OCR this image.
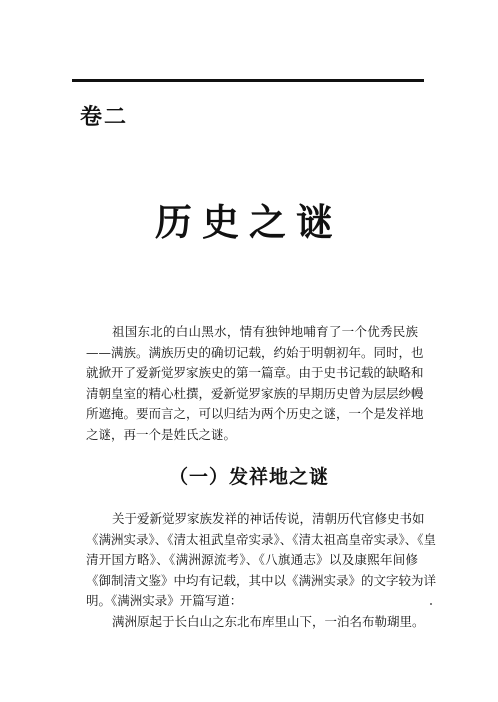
卷二
历史之谜
祖国东北的白山黑水，情有独钟地哺育了一个优秀民族
——满族。满族历史的确切记载，约始于明朝初年。同时，也
就掀开了爱新觉罗家族史的第一篇章。由于史书记载的缺略和
清朝皇室的精心杜撰，爱新觉罗家族的早期历史曾为层层纱幔
所遮掩。要而言之，可以归结为两个历史之谜，一个是发祥地
之谜，再一个是姓氏之谜。
（一）发祥地之谜
关于爱新觉罗家族发祥的神话传说，清朝历代官修史书如
《满洲实录》、《清太祖武皇帝实录》、《清太祖高皇帝实录》、《皇
清开国方略》、《满洲源流考》、《八旗通志》以及康熙年间修
《御制清文鉴》中均有记载，其中以《满洲实录》的文字较为详
明。《满洲实录》开篇写道：
满洲原起于长白山之东北布库里山下，一泊名布勒瑚里。
